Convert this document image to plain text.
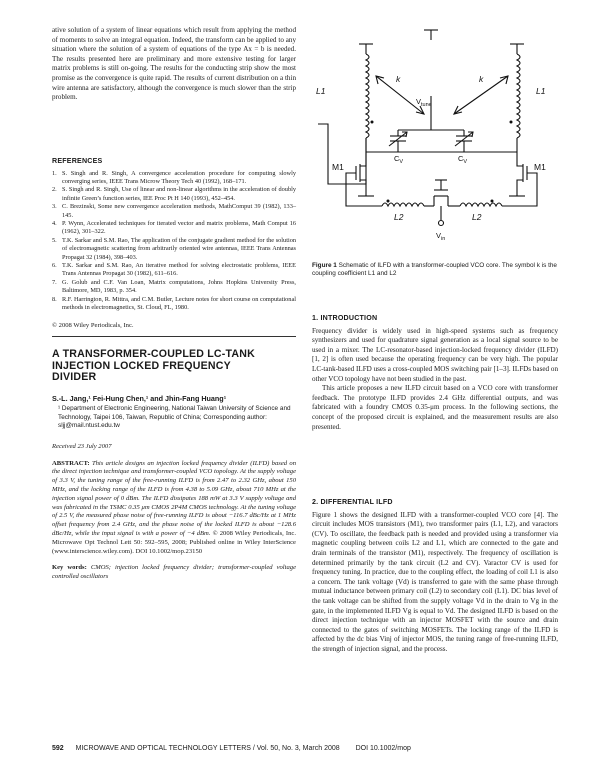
ative solution of a system of linear equations which result from applying the method of moments to solve an integral equation. Indeed, the transform can be applied to any situation where the solution of a system of equations of the type Ax = b is needed. The results presented here are preliminary and more extensive testing for larger matrix problems is still on-going. The results for the conducting strip show the most promise as the convergence is quite rapid. The results of current distribution on a thin wire antenna are satisfactory, although the convergence is much slower than the strip problem.

REFERENCES
1. S. Singh and R. Singh, A convergence acceleration procedure for computing slowly converging series, IEEE Trans Microw Theory Tech 40 (1992), 168–171.
2. S. Singh and R. Singh, Use of linear and non-linear algorithms in the acceleration of doubly infinite Green’s function series, IEE Proc Pt H 140 (1993), 452–454.
3. C. Brezinski, Some new convergence acceleration methods, MathComput 39 (1982), 133–145.
4. P. Wynn, Accelerated techniques for iterated vector and matrix problems, Math Comput 16 (1962), 301–322.
5. T.K. Sarkar and S.M. Rao, The application of the conjugate gradient method for the solution of electromagnetic scattering from arbitrarily oriented wire antennas, IEEE Trans Antennas Propagat 32 (1984), 398–403.
6. T.K. Sarkar and S.M. Rao, An iterative method for solving electrostatic problems, IEEE Trans Antennas Propagat 30 (1982), 611–616.
7. G. Golub and C.F. Van Loan, Matrix computations, Johns Hopkins University Press, Baltimore, MD, 1983, p. 354.
8. R.F. Harrington, R. Mittra, and C.M. Butler, Lecture notes for short course on computational methods in electromagnetics, St. Cloud, FL, 1980.
© 2008 Wiley Periodicals, Inc.
A TRANSFORMER-COUPLED LC-TANK
INJECTION LOCKED FREQUENCY
DIVIDER
S.-L. Jang,¹ Fei-Hung Chen,¹ and Jhin-Fang Huang¹
¹ Department of Electronic Engineering, National Taiwan University of Science and Technology, Taipei 106, Taiwan, Republic of China; Corresponding author: sljj@mail.ntust.edu.tw
Received 23 July 2007
ABSTRACT: This article designs an injection locked frequency divider (ILFD) based on the direct injection technique and transformer-coupled VCO topology. At the supply voltage of 3.3 V, the tuning range of the free-running ILFD is from 2.47 to 2.32 GHz, about 150 MHz, and the locking range of the ILFD is from 4.38 to 5.09 GHz, about 710 MHz at the injection signal power of 0 dBm. The ILFD dissipates 188 mW at 3.3 V supply voltage and was fabricated in the TSMC 0.35 μm CMOS 2P4M CMOS technology. At the tuning voltage of 2.5 V, the measured phase noise of free-running ILFD is about −116.7 dBc/Hz at 1 MHz offset frequency from 2.4 GHz, and the phase noise of the locked ILFD is about −128.6 dBc/Hz, while the input signal is with a power of −4 dBm. © 2008 Wiley Periodicals, Inc. Microwave Opt Technol Lett 50: 592–595, 2008; Published online in Wiley InterScience (www.interscience.wiley.com). DOI 10.1002/mop.23150
Key words: CMOS; injection locked frequency divider; transformer-coupled voltage controlled oscillators
L1	L1
k	k
$V_{tune}$
$C_V$	$C_V$
M1	M1
L2	L2
$V_{in}$
Figure 1 Schematic of ILFD with a transformer-coupled VCO core. The symbol k is the coupling coefficient L1 and L2
1. INTRODUCTION

Frequency divider is widely used in high-speed systems such as frequency synthesizers and used for quadrature signal generation as a local signal source to be used in a mixer. The LC-resonator-based injection-locked frequency divider (ILFD) [1, 2] is often used because the operating frequency can be very high. The popular LC-tank-based ILFD uses a cross-coupled MOS switching pair [1–3]. ILFDs based on other VCO topology have not been studied in the past.

This article proposes a new ILFD circuit based on a VCO core with transformer feedback. The prototype ILFD provides 2.4 GHz differential outputs, and was fabricated with a foundry CMOS 0.35-μm process. In the following sections, the concept of the proposed circuit is explained, and the measurement results are also presented.

2. DIFFERENTIAL ILFD

Figure 1 shows the designed ILFD with a transformer-coupled VCO core [4]. The circuit includes MOS transistors (M1), two transformer pairs (L1, L2), and varactors (CV). To oscillate, the feedback path is needed and provided using a transformer via magnetic coupling between coils L2 and L1, which are connected to the gate and drain terminals of the transistor (M1), respectively. The frequency of oscillation is determined primarily by the tank circuit (L2 and CV). Varactor CV is used for frequency tuning. In practice, due to the coupling effect, the loading of coil L1 is also a concern. The tank voltage (Vd) is transferred to gate with the same phase through mutual inductance between primary coil (L2) to secondary coil (L1). DC bias level of the tank voltage can be shifted from the supply voltage Vd in the drain to Vg in the gate, in the implemented ILFD Vg is equal to Vd. The designed ILFD is based on the direct injection technique with an injector MOSFET with the source and drain connected to the gates of switching MOSFETs. The locking range of the ILFD is affected by the dc bias Vinj of injector MOS, the tuning range of free-running ILFD, the strength of injection signal, and the process.

592 MICROWAVE AND OPTICAL TECHNOLOGY LETTERS / Vol. 50, No. 3, March 2008 DOI 10.1002/mop
